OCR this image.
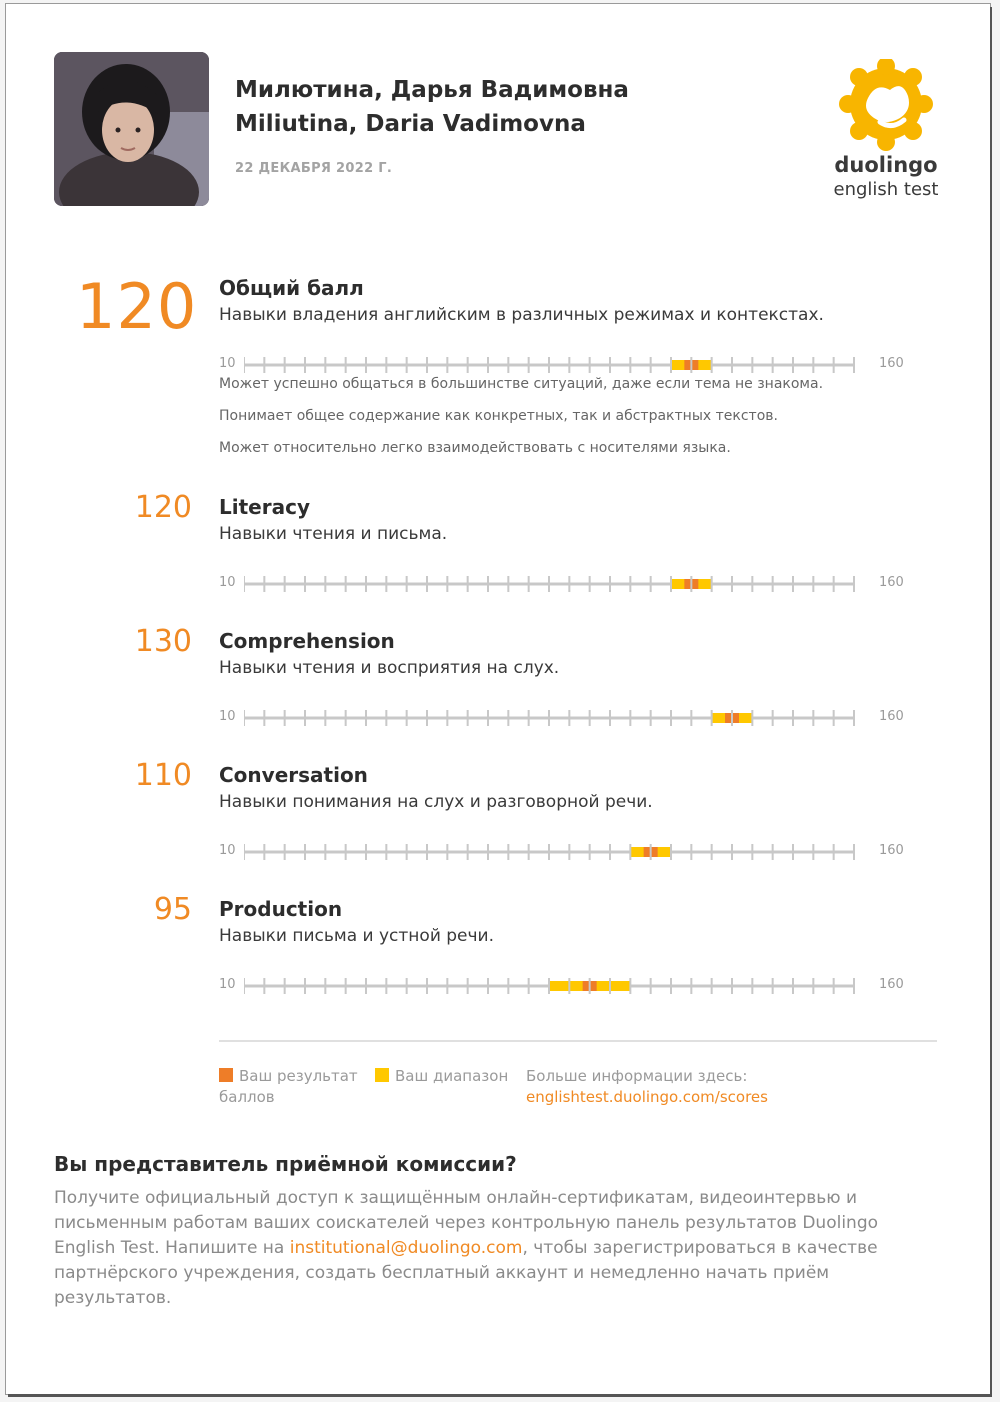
Милютина, Дарья Вадимовна
Miliutina, Daria Vadimovna
22 ДЕКАБРЯ 2022 Г.	duolingo
english test
120 Общий балл
Навыки владения английским в различных режимах и контекстах.
10	160
Может успешно общаться в большинстве ситуаций, даже если тема не знакома.
Понимает общее содержание как конкретных, так и абстрактных текстов.
Может относительно легко взаимодействовать с носителями языка.
120 Literacy
Навыки чтения и письма.
10	160
130 Comprehension
Навыки чтения и восприятия на слух.
10	160
110 Conversation
Навыки понимания на слух и разговорной речи.
10	160
95 Production
Навыки письма и устной речи.
10	160
Ваш результат
баллов
Ваш диапазон Больше информации здесь:
englishtest.duolingo.com/scores
Вы представитель приёмной комиссии?
Получите официальный доступ к защищённым онлайн-сертификатам, видеоинтервью и письменным работам ваших соискателей через контрольную панель результатов Duolingo English Test. Напишите на institutional@duolingo.com, чтобы зарегистрироваться в качестве партнёрского учреждения, создать бесплатный аккаунт и немедленно начать приём результатов.
